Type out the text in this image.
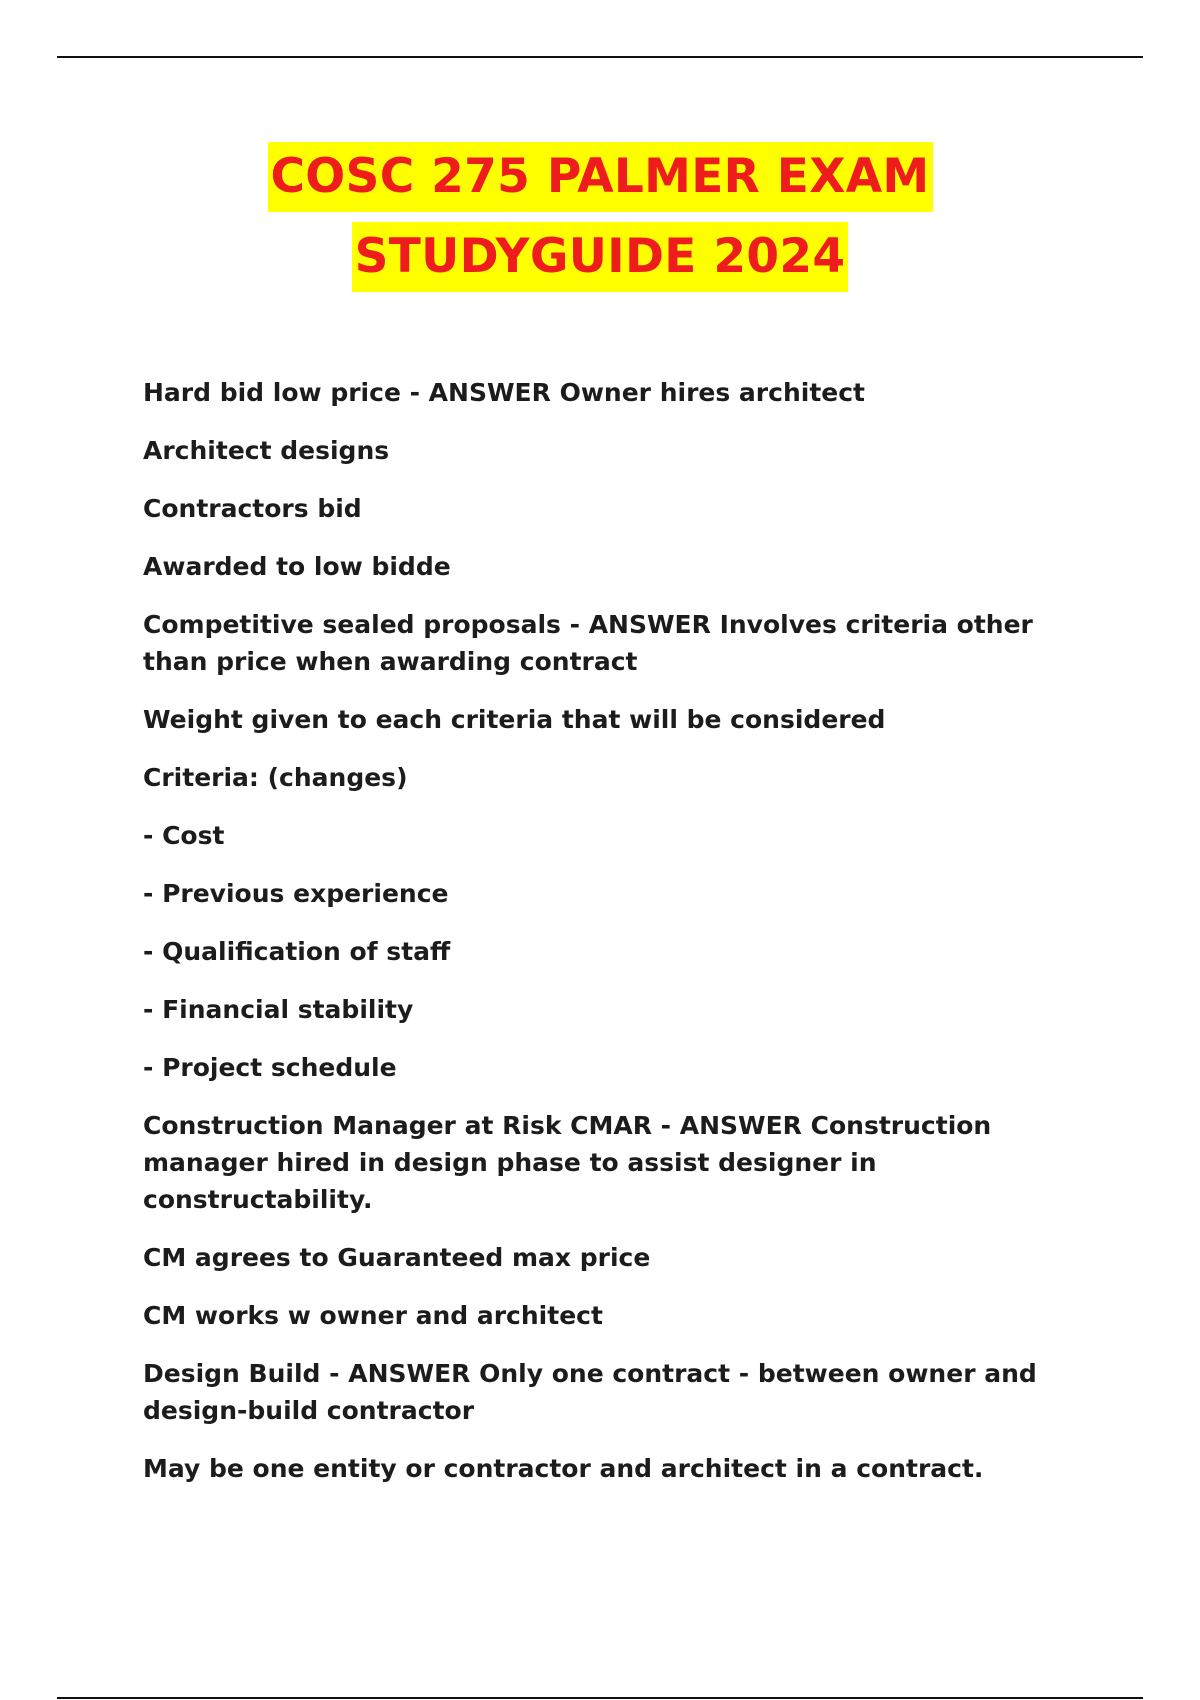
COSC 275 PALMER EXAM
STUDYGUIDE 2024

Hard bid low price - ANSWER Owner hires architect

Architect designs

Contractors bid

Awarded to low bidde

Competitive sealed proposals - ANSWER Involves criteria other than price when awarding contract

Weight given to each criteria that will be considered

Criteria: (changes)

- Cost

- Previous experience

- Qualification of staff

- Financial stability

- Project schedule

Construction Manager at Risk CMAR - ANSWER Construction manager hired in design phase to assist designer in constructability.

CM agrees to Guaranteed max price

CM works w owner and architect

Design Build - ANSWER Only one contract - between owner and design-build contractor

May be one entity or contractor and architect in a contract.
